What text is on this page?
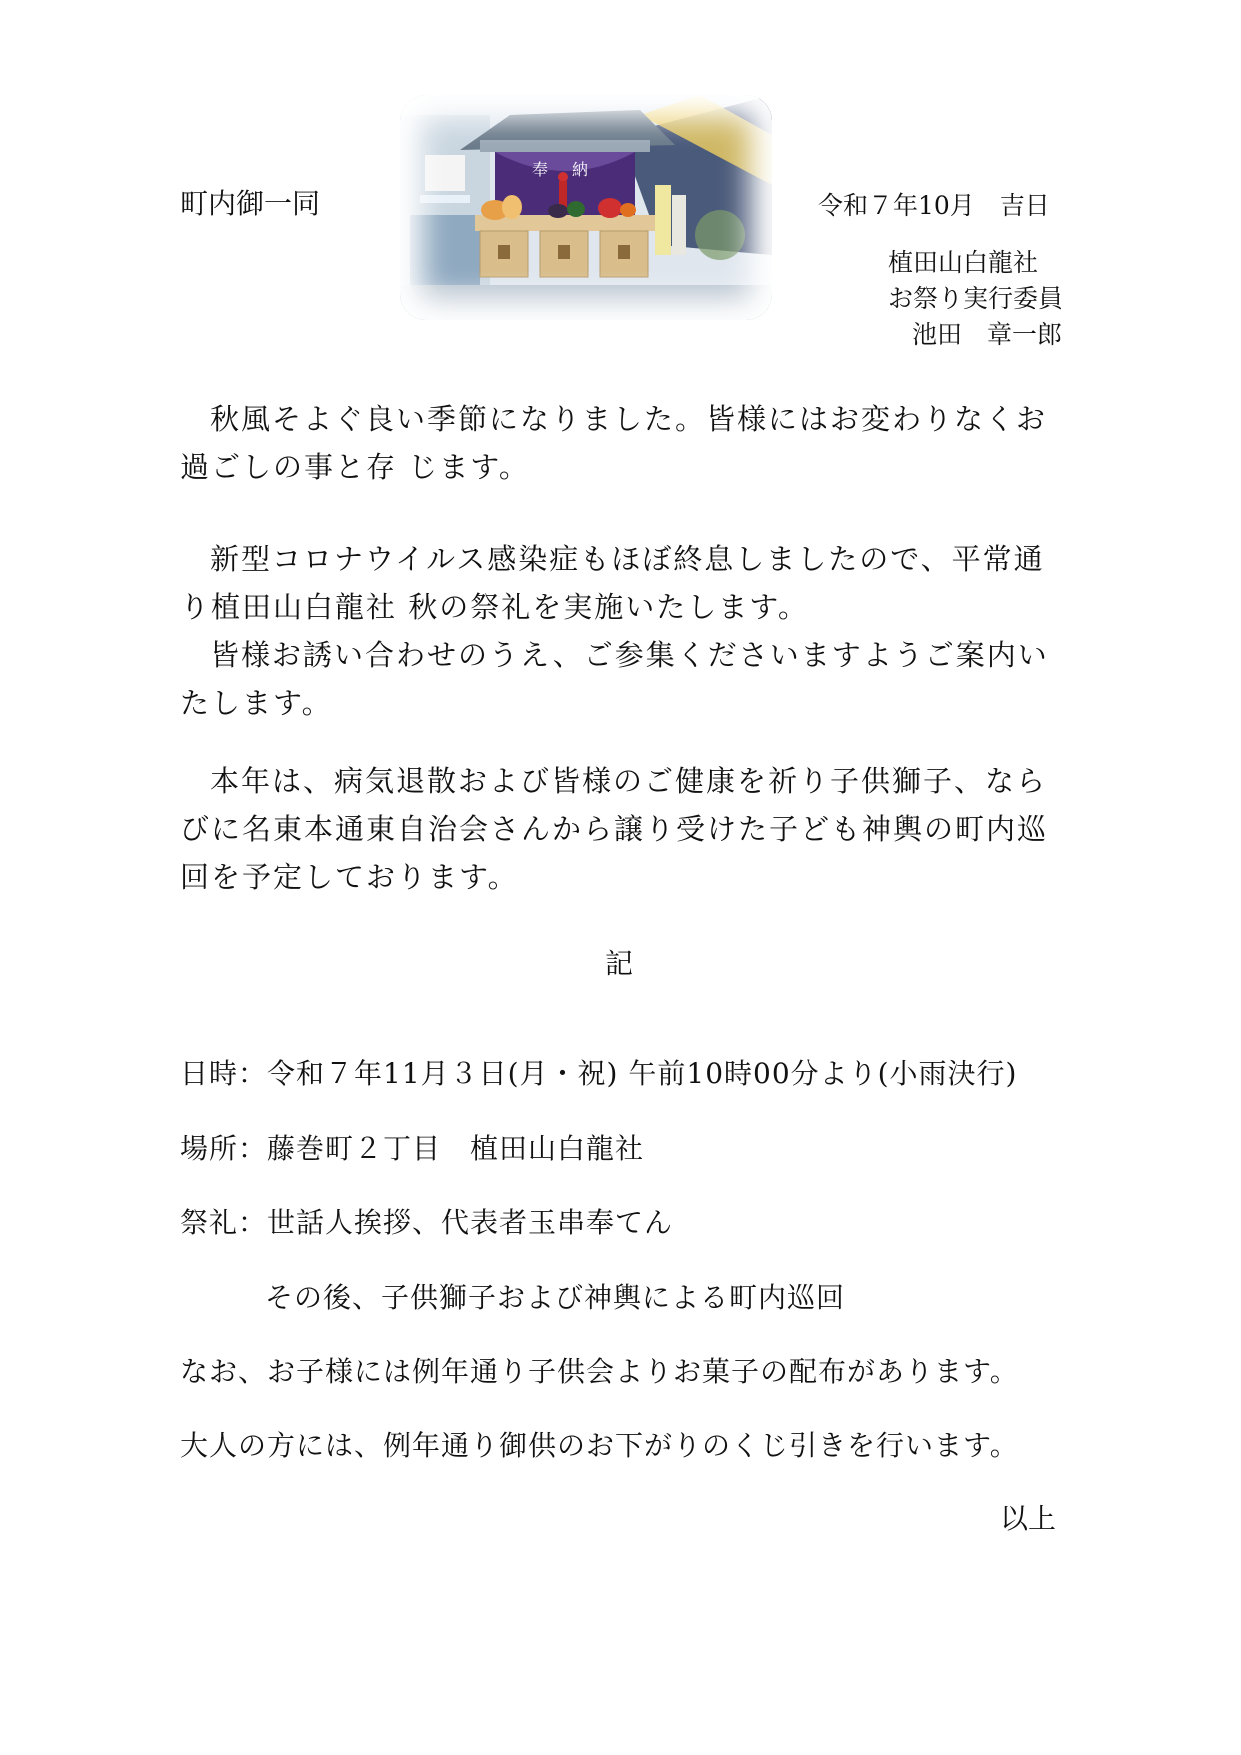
町内御一同
奉　納
令和７年10月　吉日
植田山白龍社
お祭り実行委員
池田　章一郎
秋風そよぐ良い季節になりました。皆様にはお変わりなくお過ごしの事と存 じます。
新型コロナウイルス感染症もほぼ終息しましたので、平常通り植田山白龍社 秋の祭礼を実施いたします。
皆様お誘い合わせのうえ、ご参集くださいますようご案内いたします。
本年は、病気退散および皆様のご健康を祈り子供獅子、ならびに名東本通東自治会さんから譲り受けた子ども神輿の町内巡回を予定しております。
記
日時：令和７年11月３日(月・祝) 午前10時00分より(小雨決行)
場所：藤巻町２丁目　植田山白龍社
祭礼：世話人挨拶、代表者玉串奉てん
その後、子供獅子および神輿による町内巡回
なお、お子様には例年通り子供会よりお菓子の配布があります。
大人の方には、例年通り御供のお下がりのくじ引きを行います。
以上
